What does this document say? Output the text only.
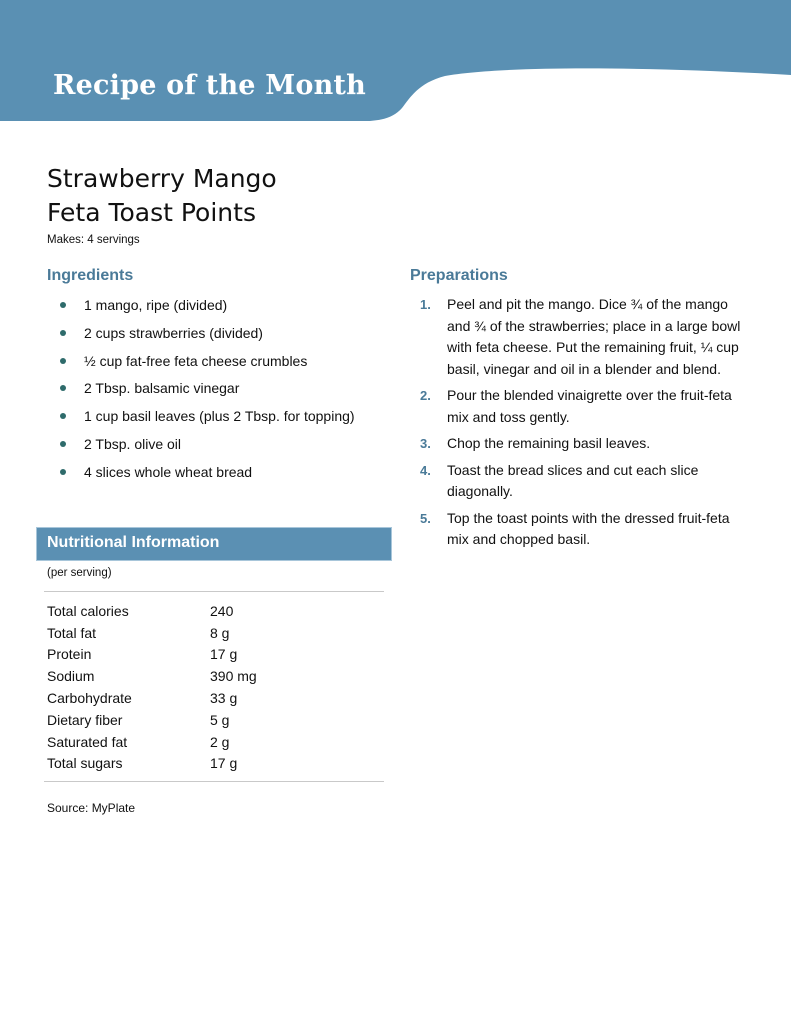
Recipe of the Month
Strawberry Mango
Feta Toast Points
Makes: 4 servings
Ingredients
1 mango, ripe (divided)
2 cups strawberries (divided)
½ cup fat-free feta cheese crumbles
2 Tbsp. balsamic vinegar
1 cup basil leaves (plus 2 Tbsp. for topping)
2 Tbsp. olive oil
4 slices whole wheat bread
Preparations
1. Peel and pit the mango. Dice ¾ of the mango and ¾ of the strawberries; place in a large bowl with feta cheese. Put the remaining fruit, ¼ cup basil, vinegar and oil in a blender and blend.
2. Pour the blended vinaigrette over the fruit-feta mix and toss gently.
3. Chop the remaining basil leaves.
4. Toast the bread slices and cut each slice diagonally.
5. Top the toast points with the dressed fruit-feta mix and chopped basil.
Nutritional Information
(per serving)
Total calories	240
Total fat	8 g
Protein	17 g
Sodium	390 mg
Carbohydrate	33 g
Dietary fiber	5 g
Saturated fat	2 g
Total sugars	17 g
Source: MyPlate
